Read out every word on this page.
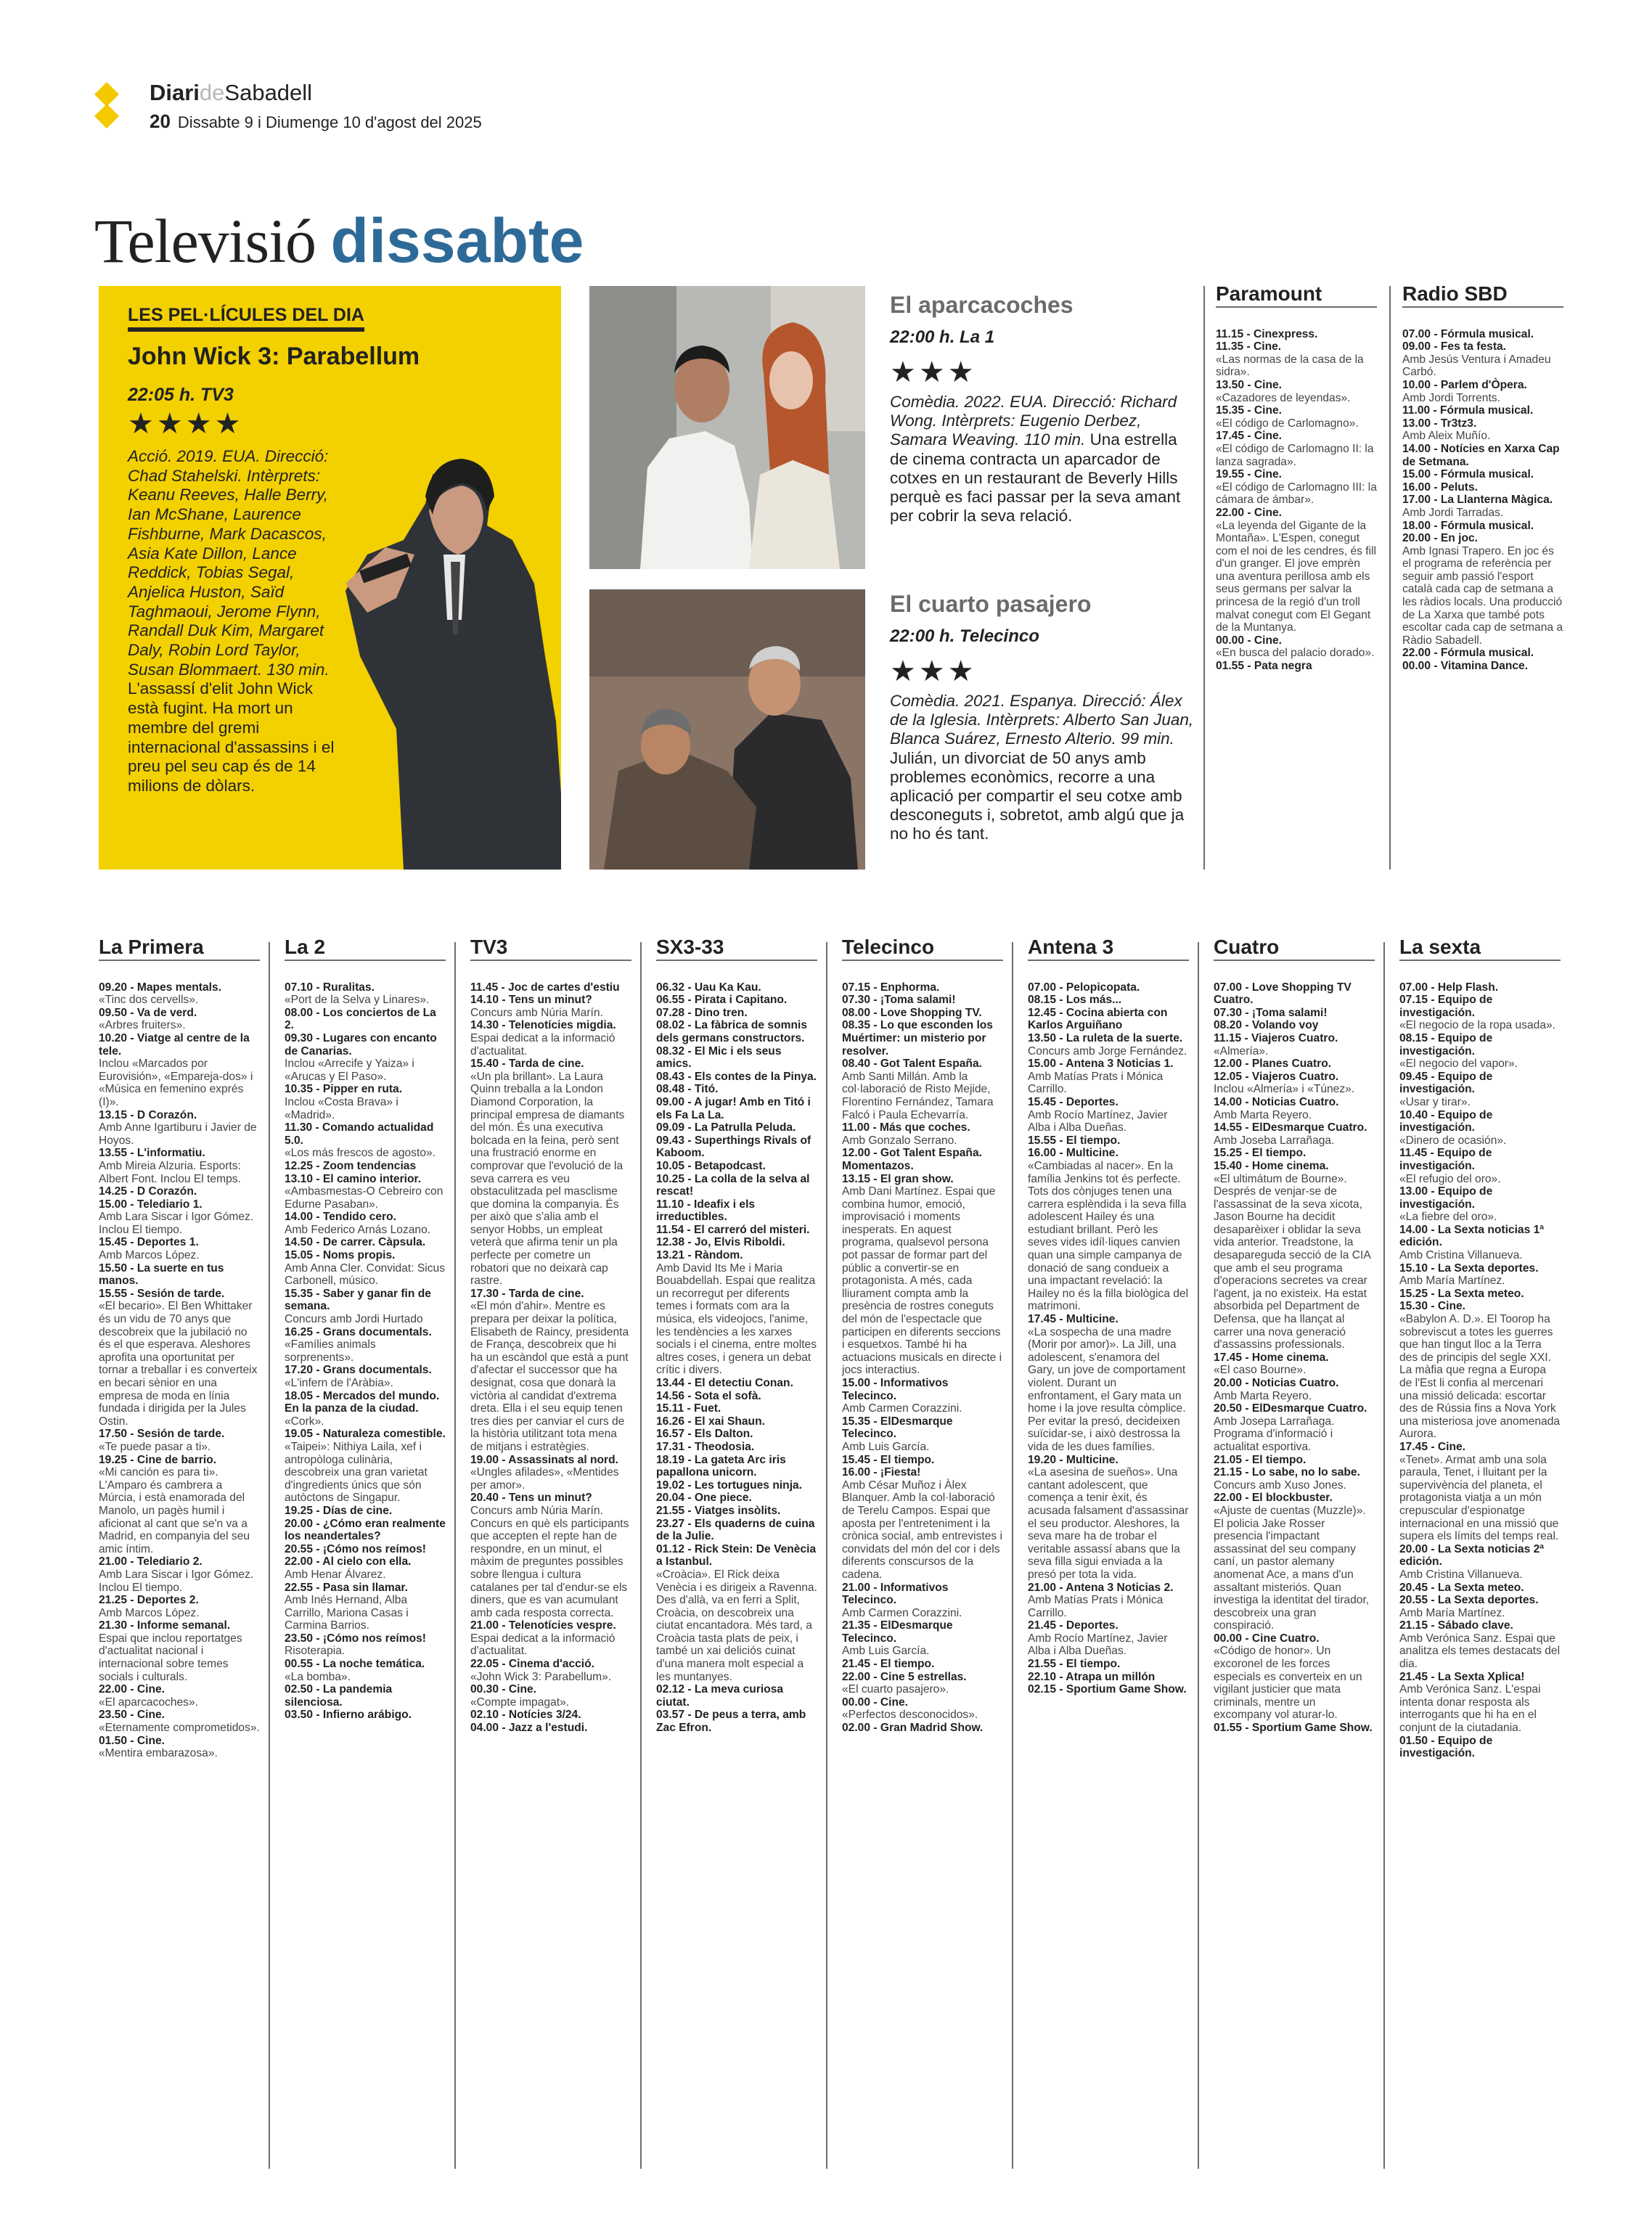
DiarideSabadell
20 Dissabte 9 i Diumenge 10 d'agost del 2025
Televisió dissabte
LES PEL·LÍCULES DEL DIA
John Wick 3: Parabellum
22:05 h. TV3
★★★★
Acció. 2019. EUA. Direcció: Chad Stahelski. Intèrprets: Keanu Reeves, Halle Berry, Ian McShane, Laurence Fishburne, Mark Dacascos, Asia Kate Dillon, Lance Reddick, Tobias Segal, Anjelica Huston, Saïd Taghmaoui, Jerome Flynn, Randall Duk Kim, Margaret Daly, Robin Lord Taylor, Susan Blommaert. 130 min. L'assassí d'elit John Wick està fugint. Ha mort un membre del gremi internacional d'assassins i el preu pel seu cap és de 14 milions de dòlars.
El aparcacoches
22:00 h. La 1
★★★
Comèdia. 2022. EUA. Direcció: Richard Wong. Intèrprets: Eugenio Derbez, Samara Weaving. 110 min. Una estrella de cinema contracta un aparcador de cotxes en un restaurant de Beverly Hills perquè es faci passar per la seva amant per cobrir la seva relació.
El cuarto pasajero
22:00 h. Telecinco
★★★
Comèdia. 2021. Espanya. Direcció: Álex de la Iglesia. Intèrprets: Alberto San Juan, Blanca Suárez, Ernesto Alterio. 99 min. Julián, un divorciat de 50 anys amb problemes econòmics, recorre a una aplicació per compartir el seu cotxe amb desconeguts i, sobretot, amb algú que ja no ho és tant.
Paramount
11.15 - Cinexpress.
11.35 - Cine.
«Las normas de la casa de la sidra».
13.50 - Cine.
«Cazadores de leyendas».
15.35 - Cine.
«El código de Carlomagno».
17.45 - Cine.
«El código de Carlomagno II: la lanza sagrada».
19.55 - Cine.
«El código de Carlomagno III: la cámara de ámbar».
22.00 - Cine.
«La leyenda del Gigante de la Montaña». L'Espen, conegut com el noi de les cendres, és fill d'un granger. El jove emprèn una aventura perillosa amb els seus germans per salvar la princesa de la regió d'un troll malvat conegut com El Gegant de la Muntanya.
00.00 - Cine.
«En busca del palacio dorado».
01.55 - Pata negra
Radio SBD
07.00 - Fórmula musical.
09.00 - Fes ta festa.
Amb Jesús Ventura i Amadeu Carbó.
10.00 - Parlem d'Òpera.
Amb Jordi Torrents.
11.00 - Fórmula musical.
13.00 - Tr3tz3.
Amb Aleix Muñío.
14.00 - Notícies en Xarxa Cap de Setmana.
15.00 - Fórmula musical.
16.00 - Peluts.
17.00 - La Llanterna Màgica.
Amb Jordi Tarradas.
18.00 - Fórmula musical.
20.00 - En joc.
Amb Ignasi Trapero. En joc és el programa de referència per seguir amb passió l'esport català cada cap de setmana a les ràdios locals. Una producció de La Xarxa que també pots escoltar cada cap de setmana a Ràdio Sabadell.
22.00 - Fórmula musical.
00.00 - Vitamina Dance.
La Primera
09.20 - Mapes mentals.
«Tinc dos cervells».
09.50 - Va de verd.
«Arbres fruiters».
10.20 - Viatge al centre de la tele.
Inclou «Marcados por Eurovisión», «Empareja-dos» i «Música en femenino exprés (I)».
13.15 - D Corazón.
Amb Anne Igartiburu i Javier de Hoyos.
13.55 - L'informatiu.
Amb Mireia Alzuria. Esports: Albert Font. Inclou El temps.
14.25 - D Corazón.
15.00 - Telediario 1.
Amb Lara Siscar i Igor Gómez. Inclou El tiempo.
15.45 - Deportes 1.
Amb Marcos López.
15.50 - La suerte en tus manos.
15.55 - Sesión de tarde.
«El becario». El Ben Whittaker és un vidu de 70 anys que descobreix que la jubilació no és el que esperava. Aleshores aprofita una oportunitat per tornar a treballar i es converteix en becari sènior en una empresa de moda en línia fundada i dirigida per la Jules Ostin.
17.50 - Sesión de tarde.
«Te puede pasar a ti».
19.25 - Cine de barrio.
«Mi canción es para ti». L'Amparo és cambrera a Múrcia, i està enamorada del Manolo, un pagès humil i aficionat al cant que se'n va a Madrid, en companyia del seu amic íntim.
21.00 - Telediario 2.
Amb Lara Siscar i Igor Gómez. Inclou El tiempo.
21.25 - Deportes 2.
Amb Marcos López.
21.30 - Informe semanal.
Espai que inclou reportatges d'actualitat nacional i internacional sobre temes socials i culturals.
22.00 - Cine.
«El aparcacoches».
23.50 - Cine.
«Eternamente comprometidos».
01.50 - Cine.
«Mentira embarazosa».
La 2
07.10 - Ruralitas.
«Port de la Selva y Linares».
08.00 - Los conciertos de La 2.
09.30 - Lugares con encanto de Canarias.
Inclou «Arrecife y Yaiza» i «Arucas y El Paso».
10.35 - Pipper en ruta.
Inclou «Costa Brava» i «Madrid».
11.30 - Comando actualidad 5.0.
«Los más frescos de agosto».
12.25 - Zoom tendencias
13.10 - El camino interior.
«Ambasmestas-O Cebreiro con Edurne Pasaban».
14.00 - Tendido cero.
Amb Federico Arnás Lozano.
14.50 - De carrer. Càpsula.
15.05 - Noms propis.
Amb Anna Cler. Convidat: Sicus Carbonell, músico.
15.35 - Saber y ganar fin de semana.
Concurs amb Jordi Hurtado
16.25 - Grans documentals.
«Famílies animals sorprenents».
17.20 - Grans documentals.
«L'infern de l'Aràbia».
18.05 - Mercados del mundo. En la panza de la ciudad.
«Cork».
19.05 - Naturaleza comestible.
«Taipei»: Nithiya Laila, xef i antropòloga culinària, descobreix una gran varietat d'ingredients únics que són autòctons de Singapur.
19.25 - Días de cine.
20.00 - ¿Cómo eran realmente los neandertales?
20.55 - ¡Cómo nos reímos!
22.00 - Al cielo con ella.
Amb Henar Álvarez.
22.55 - Pasa sin llamar.
Amb Inés Hernand, Alba Carrillo, Mariona Casas i Carmina Barrios.
23.50 - ¡Cómo nos reímos!
Risoterapia.
00.55 - La noche temática.
«La bomba».
02.50 - La pandemia silenciosa.
03.50 - Infierno arábigo.
TV3
11.45 - Joc de cartes d'estiu
14.10 - Tens un minut?
Concurs amb Núria Marín.
14.30 - Telenotícies migdia.
Espai dedicat a la informació d'actualitat.
15.40 - Tarda de cine.
«Un pla brillant». La Laura Quinn treballa a la London Diamond Corporation, la principal empresa de diamants del món. És una executiva bolcada en la feina, però sent una frustració enorme en comprovar que l'evolució de la seva carrera es veu obstaculitzada pel masclisme que domina la companyia. És per això que s'alia amb el senyor Hobbs, un empleat veterà que afirma tenir un pla perfecte per cometre un robatori que no deixarà cap rastre.
17.30 - Tarda de cine.
«El món d'ahir». Mentre es prepara per deixar la política, Elisabeth de Raincy, presidenta de França, descobreix que hi ha un escàndol que està a punt d'afectar el successor que ha designat, cosa que donarà la victòria al candidat d'extrema dreta. Ella i el seu equip tenen tres dies per canviar el curs de la història utilitzant tota mena de mitjans i estratègies.
19.00 - Assassinats al nord.
«Ungles afilades», «Mentides per amor».
20.40 - Tens un minut?
Concurs amb Núria Marín. Concurs en què els participants que accepten el repte han de respondre, en un minut, el màxim de preguntes possibles sobre llengua i cultura catalanes per tal d'endur-se els diners, que es van acumulant amb cada resposta correcta.
21.00 - Telenotícies vespre.
Espai dedicat a la informació d'actualitat.
22.05 - Cinema d'acció.
«John Wick 3: Parabellum».
00.30 - Cine.
«Compte impagat».
02.10 - Notícies 3/24.
04.00 - Jazz a l'estudi.
SX3-33
06.32 - Uau Ka Kau.
06.55 - Pirata i Capitano.
07.28 - Dino tren.
08.02 - La fàbrica de somnis dels germans constructors.
08.32 - El Mic i els seus amics.
08.43 - Els contes de la Pinya.
08.48 - Titó.
09.00 - A jugar! Amb en Titó i els Fa La La.
09.09 - La Patrulla Peluda.
09.43 - Superthings Rivals of Kaboom.
10.05 - Betapodcast.
10.25 - La colla de la selva al rescat!
11.10 - Ideafix i els irreductibles.
11.54 - El carreró del misteri.
12.38 - Jo, Elvis Riboldi.
13.21 - Ràndom.
Amb David Its Me i Maria Bouabdellah. Espai que realitza un recorregut per diferents temes i formats com ara la música, els videojocs, l'anime, les tendències a les xarxes socials i el cinema, entre moltes altres coses, i genera un debat crític i divers.
13.44 - El detectiu Conan.
14.56 - Sota el sofà.
15.11 - Fuet.
16.26 - El xai Shaun.
16.57 - Els Dalton.
17.31 - Theodosia.
18.19 - La gateta Arc iris papallona unicorn.
19.02 - Les tortugues ninja.
20.04 - One piece.
21.55 - Viatges insòlits.
23.27 - Els quaderns de cuina de la Julie.
01.12 - Rick Stein: De Venècia a Istanbul.
«Croàcia». El Rick deixa Venècia i es dirigeix a Ravenna. Des d'allà, va en ferri a Split, Croàcia, on descobreix una ciutat encantadora. Més tard, a Croàcia tasta plats de peix, i també un xai deliciós cuinat d'una manera molt especial a les muntanyes.
02.12 - La meva curiosa ciutat.
03.57 - De peus a terra, amb Zac Efron.
Telecinco
07.15 - Enphorma.
07.30 - ¡Toma salami!
08.00 - Love Shopping TV.
08.35 - Lo que esconden los Muértimer: un misterio por resolver.
08.40 - Got Talent España.
Amb Santi Millán. Amb la col·laboració de Risto Mejide, Florentino Fernández, Tamara Falcó i Paula Echevarría.
11.00 - Más que coches.
Amb Gonzalo Serrano.
12.00 - Got Talent España. Momentazos.
13.15 - El gran show.
Amb Dani Martínez. Espai que combina humor, emoció, improvisació i moments inesperats. En aquest programa, qualsevol persona pot passar de formar part del públic a convertir-se en protagonista. A més, cada lliurament compta amb la presència de rostres coneguts del món de l'espectacle que participen en diferents seccions i esquetxos. També hi ha actuacions musicals en directe i jocs interactius.
15.00 - Informativos Telecinco.
Amb Carmen Corazzini.
15.35 - ElDesmarque Telecinco.
Amb Luis García.
15.45 - El tiempo.
16.00 - ¡Fiesta!
Amb César Muñoz i Àlex Blanquer. Amb la col·laboració de Terelu Campos. Espai que aposta per l'entreteniment i la crònica social, amb entrevistes i convidats del món del cor i dels diferents conscursos de la cadena.
21.00 - Informativos Telecinco.
Amb Carmen Corazzini.
21.35 - ElDesmarque Telecinco.
Amb Luis García.
21.45 - El tiempo.
22.00 - Cine 5 estrellas.
«El cuarto pasajero».
00.00 - Cine.
«Perfectos desconocidos».
02.00 - Gran Madrid Show.
Antena 3
07.00 - Pelopicopata.
08.15 - Los más...
12.45 - Cocina abierta con Karlos Arguiñano
13.50 - La ruleta de la suerte.
Concurs amb Jorge Fernández.
15.00 - Antena 3 Noticias 1.
Amb Matías Prats i Mónica Carrillo.
15.45 - Deportes.
Amb Rocío Martínez, Javier Alba i Alba Dueñas.
15.55 - El tiempo.
16.00 - Multicine.
«Cambiadas al nacer». En la família Jenkins tot és perfecte. Tots dos cònjuges tenen una carrera esplèndida i la seva filla adolescent Hailey és una estudiant brillant. Però les seves vides idíl·liques canvien quan una simple campanya de donació de sang condueix a una impactant revelació: la Hailey no és la filla biològica del matrimoni.
17.45 - Multicine.
«La sospecha de una madre (Morir por amor)». La Jill, una adolescent, s'enamora del Gary, un jove de comportament violent. Durant un enfrontament, el Gary mata un home i la jove resulta còmplice. Per evitar la presó, decideixen suïcidar-se, i això destrossa la vida de les dues famílies.
19.20 - Multicine.
«La asesina de sueños». Una cantant adolescent, que comença a tenir èxit, és acusada falsament d'assassinar el seu productor. Aleshores, la seva mare ha de trobar el veritable assassí abans que la seva filla sigui enviada a la presó per tota la vida.
21.00 - Antena 3 Noticias 2.
Amb Matías Prats i Mónica Carrillo.
21.45 - Deportes.
Amb Rocío Martínez, Javier Alba i Alba Dueñas.
21.55 - El tiempo.
22.10 - Atrapa un millón
02.15 - Sportium Game Show.
Cuatro
07.00 - Love Shopping TV Cuatro.
07.30 - ¡Toma salami!
08.20 - Volando voy
11.15 - Viajeros Cuatro.
«Almería».
12.00 - Planes Cuatro.
12.05 - Viajeros Cuatro.
Inclou «Almería» i «Túnez».
14.00 - Noticias Cuatro.
Amb Marta Reyero.
14.55 - ElDesmarque Cuatro.
Amb Joseba Larrañaga.
15.25 - El tiempo.
15.40 - Home cinema.
«El ultimátum de Bourne». Després de venjar-se de l'assassinat de la seva xicota, Jason Bourne ha decidit desaparèixer i oblidar la seva vida anterior. Treadstone, la desapareguda secció de la CIA que amb el seu programa d'operacions secretes va crear l'agent, ja no existeix. Ha estat absorbida pel Department de Defensa, que ha llançat al carrer una nova generació d'assassins professionals.
17.45 - Home cinema.
«El caso Bourne».
20.00 - Noticias Cuatro.
Amb Marta Reyero.
20.50 - ElDesmarque Cuatro.
Amb Josepa Larrañaga. Programa d'informació i actualitat esportiva.
21.05 - El tiempo.
21.15 - Lo sabe, no lo sabe.
Concurs amb Xuso Jones.
22.00 - El blockbuster.
«Ajuste de cuentas (Muzzle)». El policia Jake Rosser presencia l'impactant assassinat del seu company caní, un pastor alemany anomenat Ace, a mans d'un assaltant misteriós. Quan investiga la identitat del tirador, descobreix una gran conspiració.
00.00 - Cine Cuatro.
«Código de honor». Un excoronel de les forces especials es converteix en un vigilant justicier que mata criminals, mentre un excompany vol aturar-lo.
01.55 - Sportium Game Show.
La sexta
07.00 - Help Flash.
07.15 - Equipo de investigación.
«El negocio de la ropa usada».
08.15 - Equipo de investigación.
«El negocio del vapor».
09.45 - Equipo de investigación.
«Usar y tirar».
10.40 - Equipo de investigación.
«Dinero de ocasión».
11.45 - Equipo de investigación.
«El refugio del oro».
13.00 - Equipo de investigación.
«La fiebre del oro».
14.00 - La Sexta noticias 1ª edición.
Amb Cristina Villanueva.
15.10 - La Sexta deportes.
Amb María Martínez.
15.25 - La Sexta meteo.
15.30 - Cine.
«Babylon A. D.». El Toorop ha sobreviscut a totes les guerres que han tingut lloc a la Terra des de principis del segle XXI. La màfia que regna a Europa de l'Est li confia al mercenari una missió delicada: escortar des de Rússia fins a Nova York una misteriosa jove anomenada Aurora.
17.45 - Cine.
«Tenet». Armat amb una sola paraula, Tenet, i lluitant per la supervivència del planeta, el protagonista viatja a un món crepuscular d'espionatge internacional en una missió que supera els límits del temps real.
20.00 - La Sexta noticias 2ª edición.
Amb Cristina Villanueva.
20.45 - La Sexta meteo.
20.55 - La Sexta deportes.
Amb María Martínez.
21.15 - Sábado clave.
Amb Verónica Sanz. Espai que analitza els temes destacats del dia.
21.45 - La Sexta Xplica!
Amb Verónica Sanz. L'espai intenta donar resposta als interrogants que hi ha en el conjunt de la ciutadania.
01.50 - Equipo de investigación.
